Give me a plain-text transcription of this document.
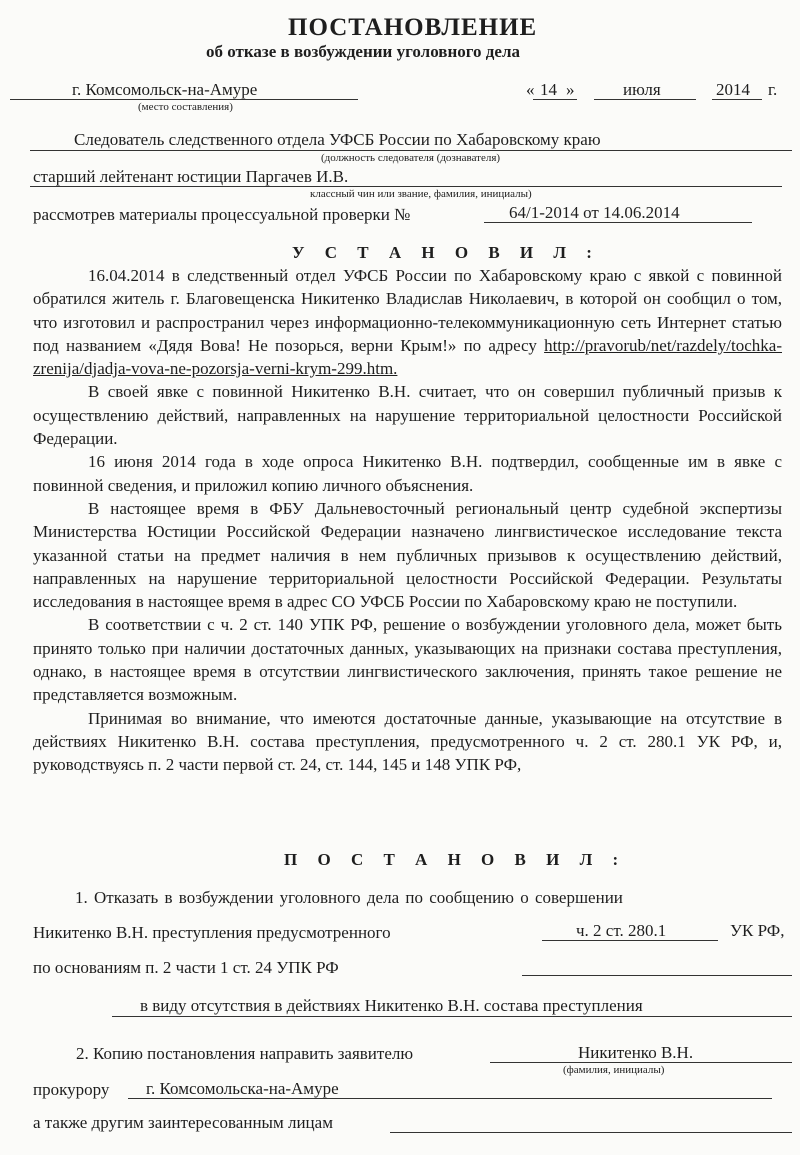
ПОСТАНОВЛЕНИЕ
об отказе в возбуждении уголовного дела
г. Комсомольск-на-Амуре
(место составления)
« 14 »	июля	2014 г.
Следователь следственного отдела УФСБ России по Хабаровскому краю
(должность следователя (дознавателя)
старший лейтенант юстиции Паргачев И.В.
классный чин или звание, фамилия, инициалы)
рассмотрев материалы процессуальной проверки №	64/1-2014 от 14.06.2014
У С Т А Н О В И Л :

16.04.2014 в следственный отдел УФСБ России по Хабаровскому краю с явкой с повинной обратился житель г. Благовещенска Никитенко Владислав Николаевич, в которой он сообщил о том, что изготовил и распространил через информационно-телекоммуникационную сеть Интернет статью под названием «Дядя Вова! Не позорься, верни Крым!» по адресу http://pravorub/net/razdely/tochka-zrenija/djadja-vova-ne-pozorsja-verni-krym-299.htm.

В своей явке с повинной Никитенко В.Н. считает, что он совершил публичный призыв к осуществлению действий, направленных на нарушение территориальной целостности Российской Федерации.

16 июня 2014 года в ходе опроса Никитенко В.Н. подтвердил, сообщенные им в явке с повинной сведения, и приложил копию личного объяснения.

В настоящее время в ФБУ Дальневосточный региональный центр судебной экспертизы Министерства Юстиции Российской Федерации назначено лингвистическое исследование текста указанной статьи на предмет наличия в нем публичных призывов к осуществлению действий, направленных на нарушение территориальной целостности Российской Федерации. Результаты исследования в настоящее время в адрес СО УФСБ России по Хабаровскому краю не поступили.

В соответствии с ч. 2 ст. 140 УПК РФ, решение о возбуждении уголовного дела, может быть принято только при наличии достаточных данных, указывающих на признаки состава преступления, однако, в настоящее время в отсутствии лингвистического заключения, принять такое решение не представляется возможным.

Принимая во внимание, что имеются достаточные данные, указывающие на отсутствие в действиях Никитенко В.Н. состава преступления, предусмотренного ч. 2 ст. 280.1 УК РФ, и, руководствуясь п. 2 части первой ст. 24, ст. 144, 145 и 148 УПК РФ,

П О С Т А Н О В И Л :
1. Отказать в возбуждении уголовного дела по сообщению о совершении
Никитенко В.Н. преступления предусмотренного	ч. 2 ст. 280.1	УК РФ,
по основаниям п. 2 части 1 ст. 24 УПК РФ
в виду отсутствия в действиях Никитенко В.Н. состава преступления
2. Копию постановления направить заявителю	Никитенко В.Н.
(фамилия, инициалы)
прокурору г. Комсомольска-на-Амуре
а также другим заинтересованным лицам
